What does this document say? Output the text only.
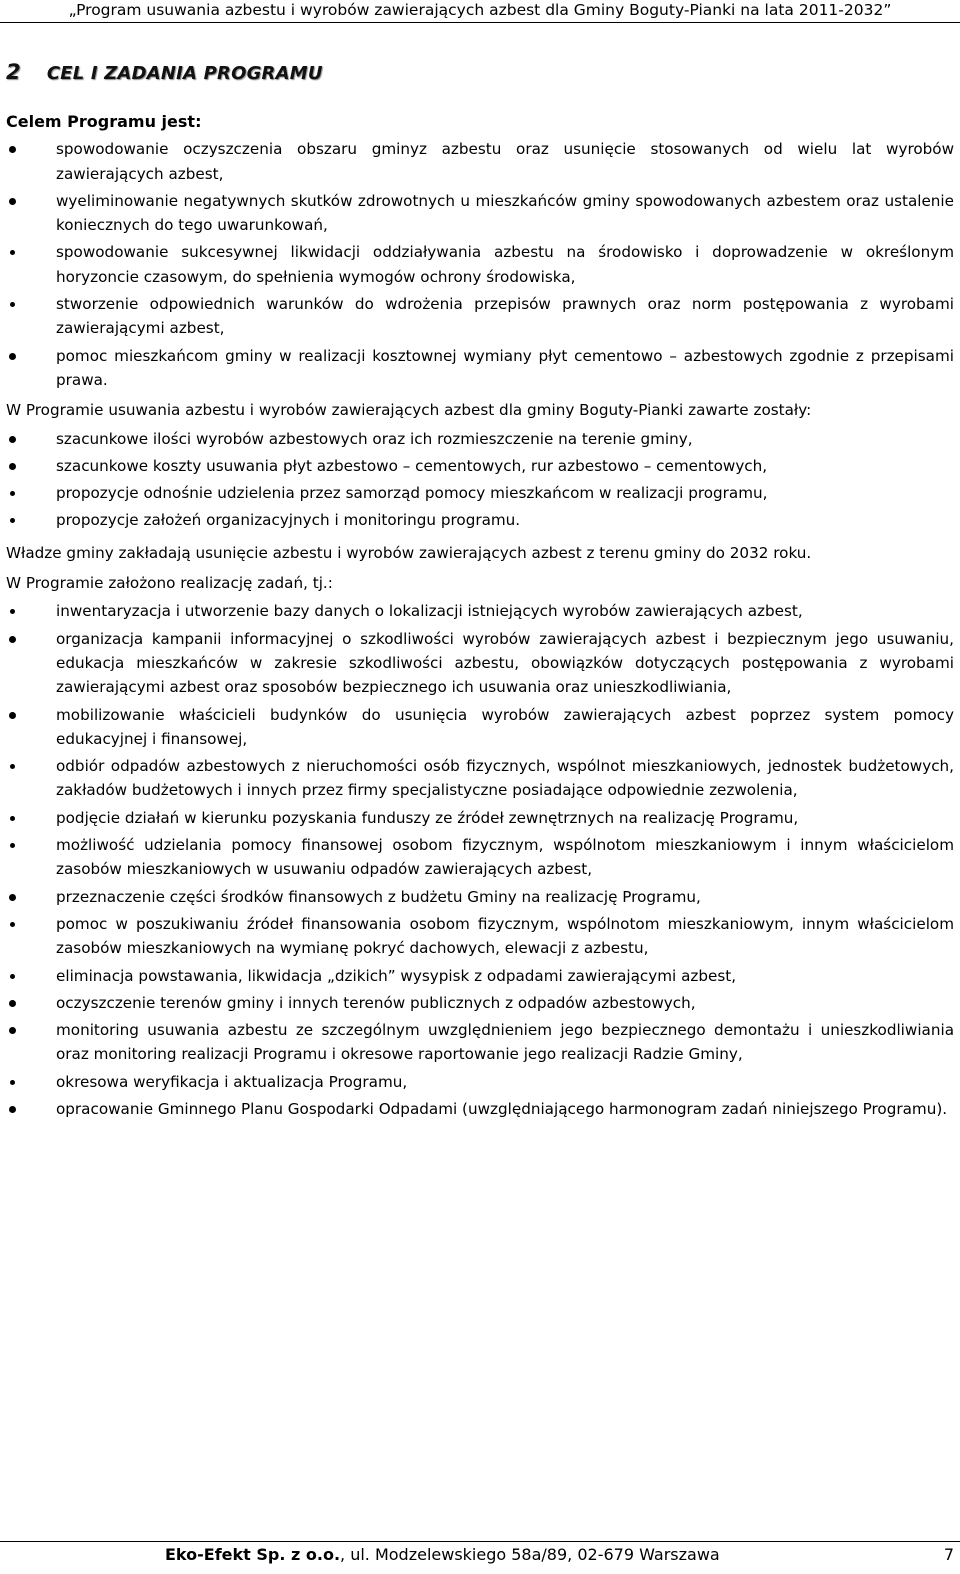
„Program usuwania azbestu i wyrobów zawierających azbest dla Gminy Boguty-Pianki na lata 2011-2032”
2 CEL I ZADANIA PROGRAMU
Celem Programu jest:
spowodowanie oczyszczenia obszaru gminyz azbestu oraz usunięcie stosowanych od wielu lat wyrobów zawierających azbest,
wyeliminowanie negatywnych skutków zdrowotnych u mieszkańców gminy spowodowanych azbestem oraz ustalenie koniecznych do tego uwarunkowań,
spowodowanie sukcesywnej likwidacji oddziaływania azbestu na środowisko i doprowadzenie w określonym horyzoncie czasowym, do spełnienia wymogów ochrony środowiska,
stworzenie odpowiednich warunków do wdrożenia przepisów prawnych oraz norm postępowania z wyrobami zawierającymi azbest,
pomoc mieszkańcom gminy w realizacji kosztownej wymiany płyt cementowo – azbestowych zgodnie z przepisami prawa.

W Programie usuwania azbestu i wyrobów zawierających azbest dla gminy Boguty-Pianki zawarte zostały:

szacunkowe ilości wyrobów azbestowych oraz ich rozmieszczenie na terenie gminy,
szacunkowe koszty usuwania płyt azbestowo – cementowych, rur azbestowo – cementowych,
propozycje odnośnie udzielenia przez samorząd pomocy mieszkańcom w realizacji programu,
propozycje założeń organizacyjnych i monitoringu programu.

Władze gminy zakładają usunięcie azbestu i wyrobów zawierających azbest z terenu gminy do 2032 roku.

W Programie założono realizację zadań, tj.:

inwentaryzacja i utworzenie bazy danych o lokalizacji istniejących wyrobów zawierających azbest,
organizacja kampanii informacyjnej o szkodliwości wyrobów zawierających azbest i bezpiecznym jego usuwaniu, edukacja mieszkańców w zakresie szkodliwości azbestu, obowiązków dotyczących postępowania z wyrobami zawierającymi azbest oraz sposobów bezpiecznego ich usuwania oraz unieszkodliwiania,
mobilizowanie właścicieli budynków do usunięcia wyrobów zawierających azbest poprzez system pomocy edukacyjnej i finansowej,
odbiór odpadów azbestowych z nieruchomości osób fizycznych, wspólnot mieszkaniowych, jednostek budżetowych, zakładów budżetowych i innych przez firmy specjalistyczne posiadające odpowiednie zezwolenia,
podjęcie działań w kierunku pozyskania funduszy ze źródeł zewnętrznych na realizację Programu,
możliwość udzielania pomocy finansowej osobom fizycznym, wspólnotom mieszkaniowym i innym właścicielom zasobów mieszkaniowych w usuwaniu odpadów zawierających azbest,
przeznaczenie części środków finansowych z budżetu Gminy na realizację Programu,
pomoc w poszukiwaniu źródeł finansowania osobom fizycznym, wspólnotom mieszkaniowym, innym właścicielom zasobów mieszkaniowych na wymianę pokryć dachowych, elewacji z azbestu,
eliminacja powstawania, likwidacja „dzikich” wysypisk z odpadami zawierającymi azbest,
oczyszczenie terenów gminy i innych terenów publicznych z odpadów azbestowych,
monitoring usuwania azbestu ze szczególnym uwzględnieniem jego bezpiecznego demontażu i unieszkodliwiania oraz monitoring realizacji Programu i okresowe raportowanie jego realizacji Radzie Gminy,
okresowa weryfikacja i aktualizacja Programu,
opracowanie Gminnego Planu Gospodarki Odpadami (uwzględniającego harmonogram zadań niniejszego Programu).
Eko-Efekt Sp. z o.o., ul. Modzelewskiego 58a/89, 02-679 Warszawa	7
